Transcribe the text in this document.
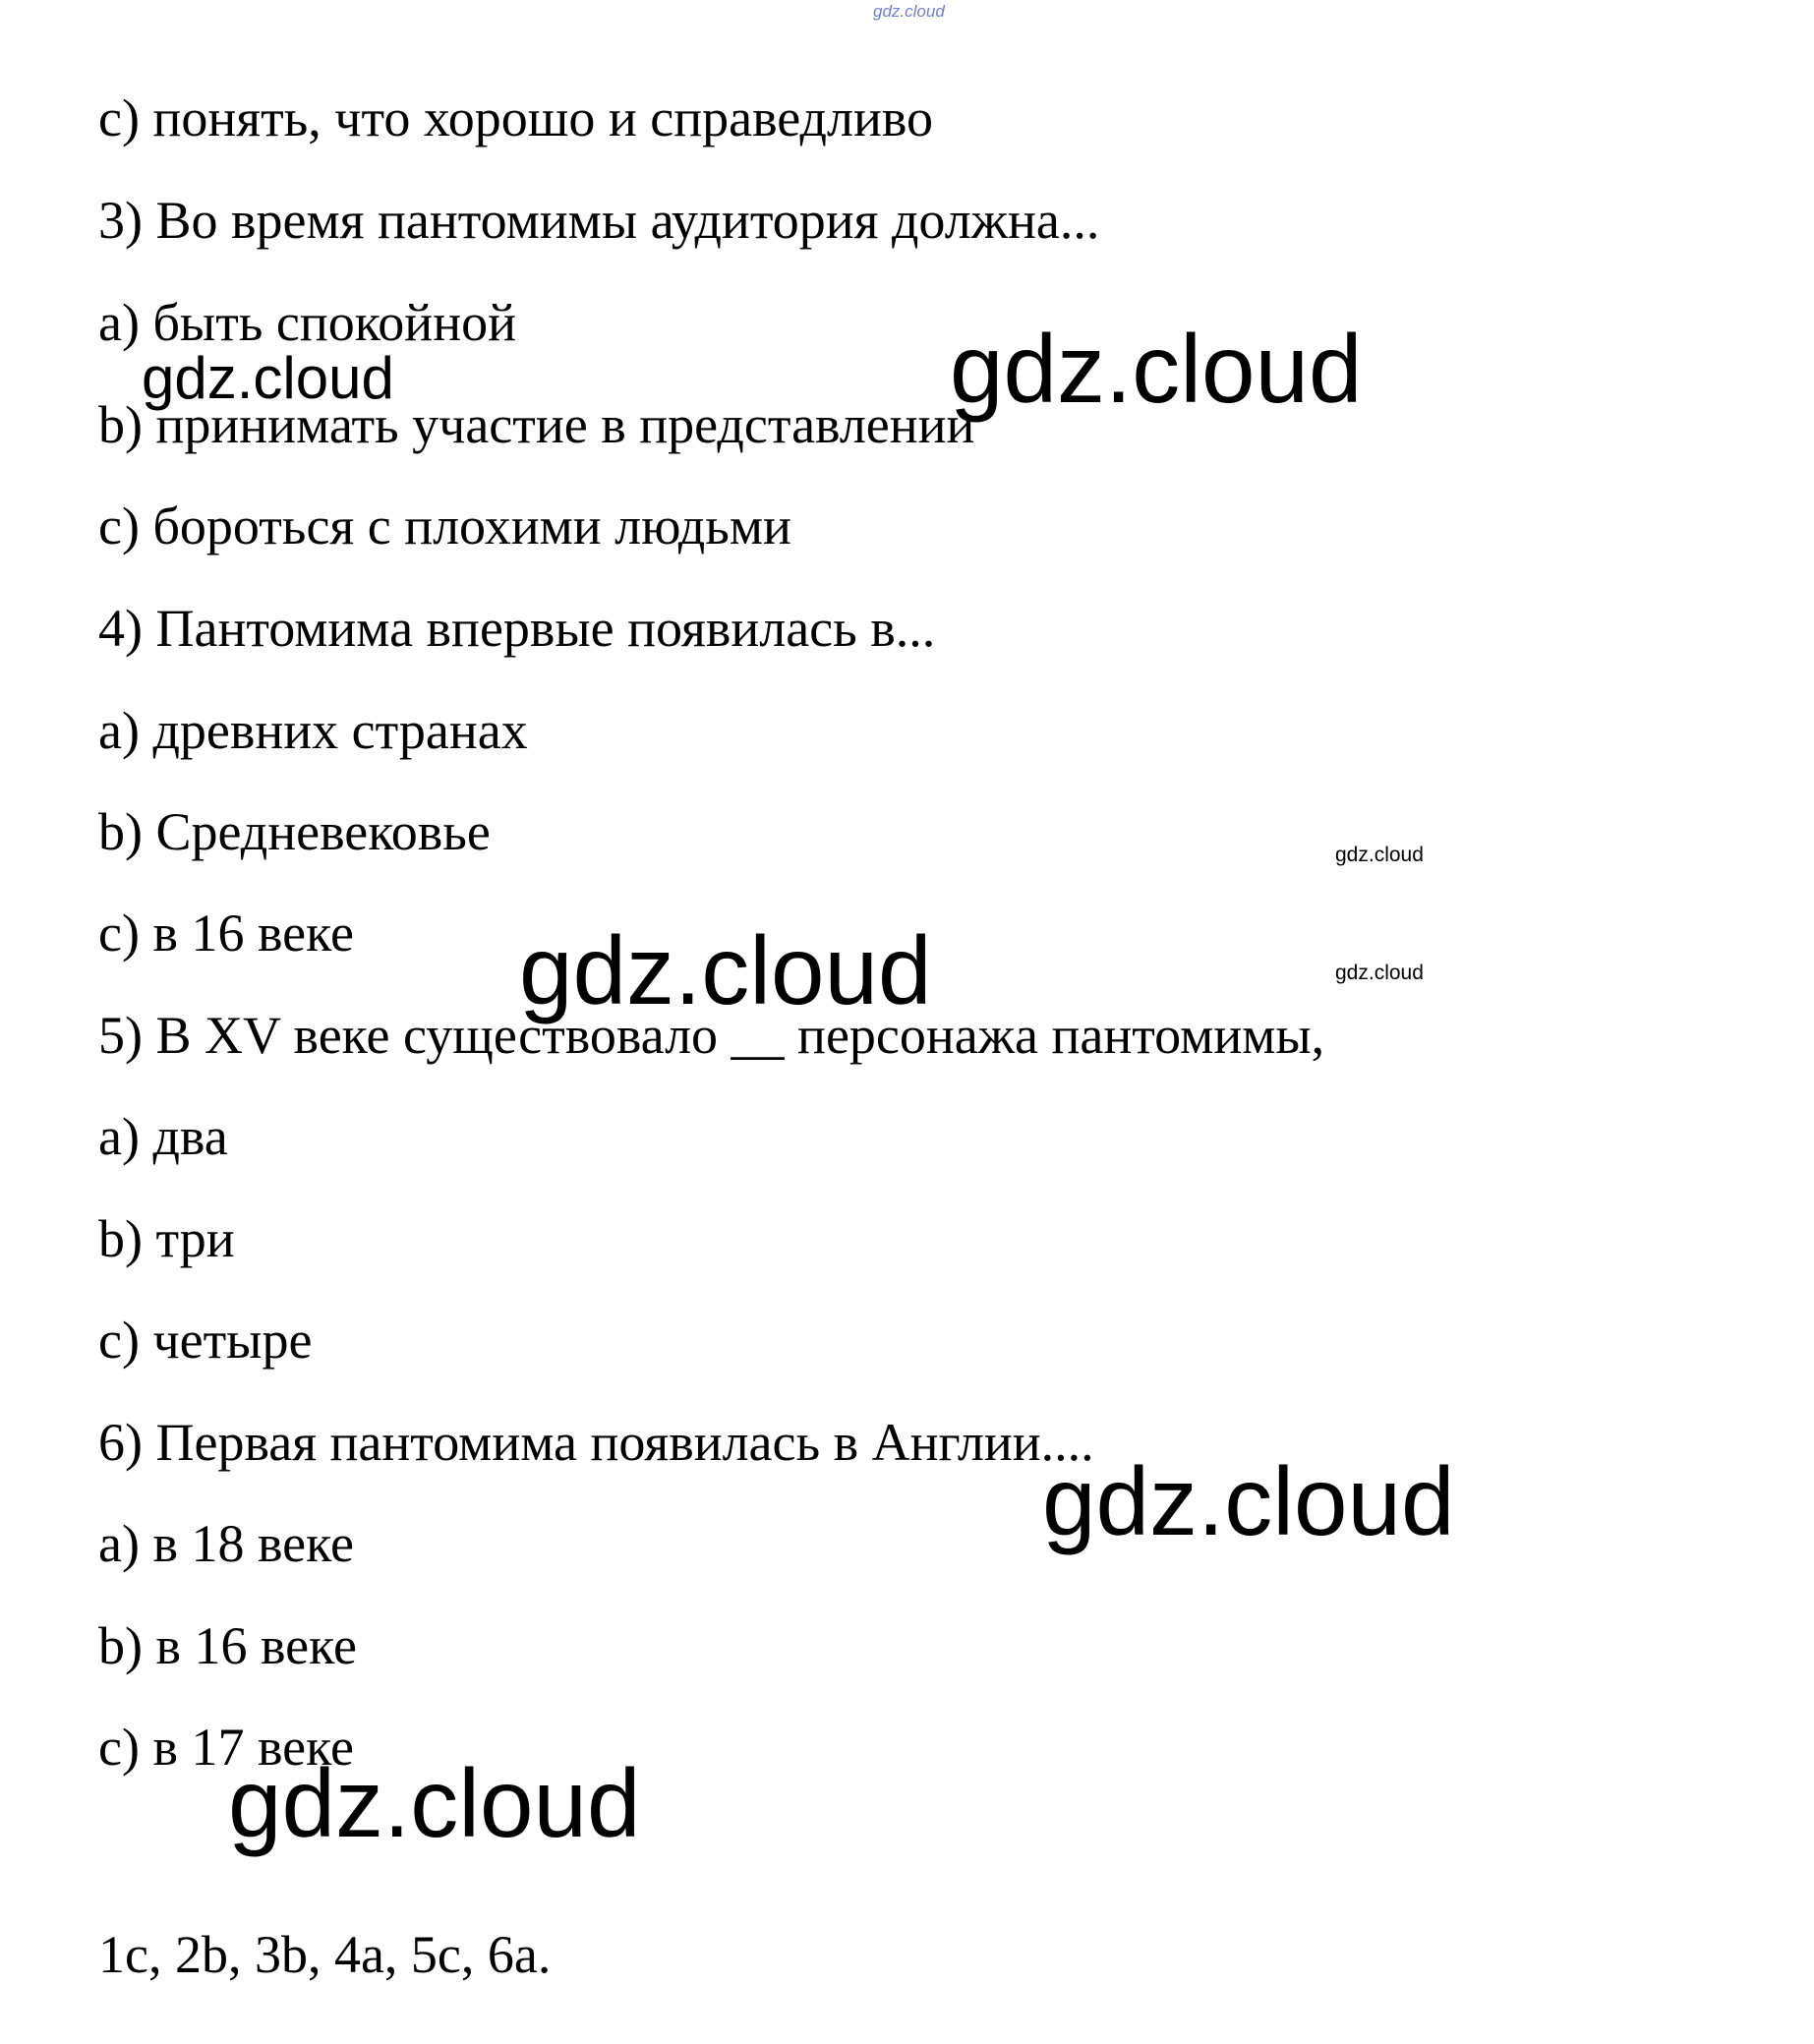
gdz.cloud
c) понять, что хорошо и справедливо
3) Во время пантомимы аудитория должна...
a) быть спокойной
b) принимать участие в представлении
c) бороться с плохими людьми
4) Пантомима впервые появилась в...
a) древних странах
b) Средневековье
c) в 16 веке
5) В XV веке существовало __ персонажа пантомимы,
a) два
b) три
c) четыре
6) Первая пантомима появилась в Англии....
a) в 18 веке
b) в 16 веке
c) в 17 веке
1c, 2b, 3b, 4a, 5c, 6a.
gdz.cloud	gdz.cloud
gdz.cloud
gdz.cloud
gdz.cloud
gdz.cloud
gdz.cloud
